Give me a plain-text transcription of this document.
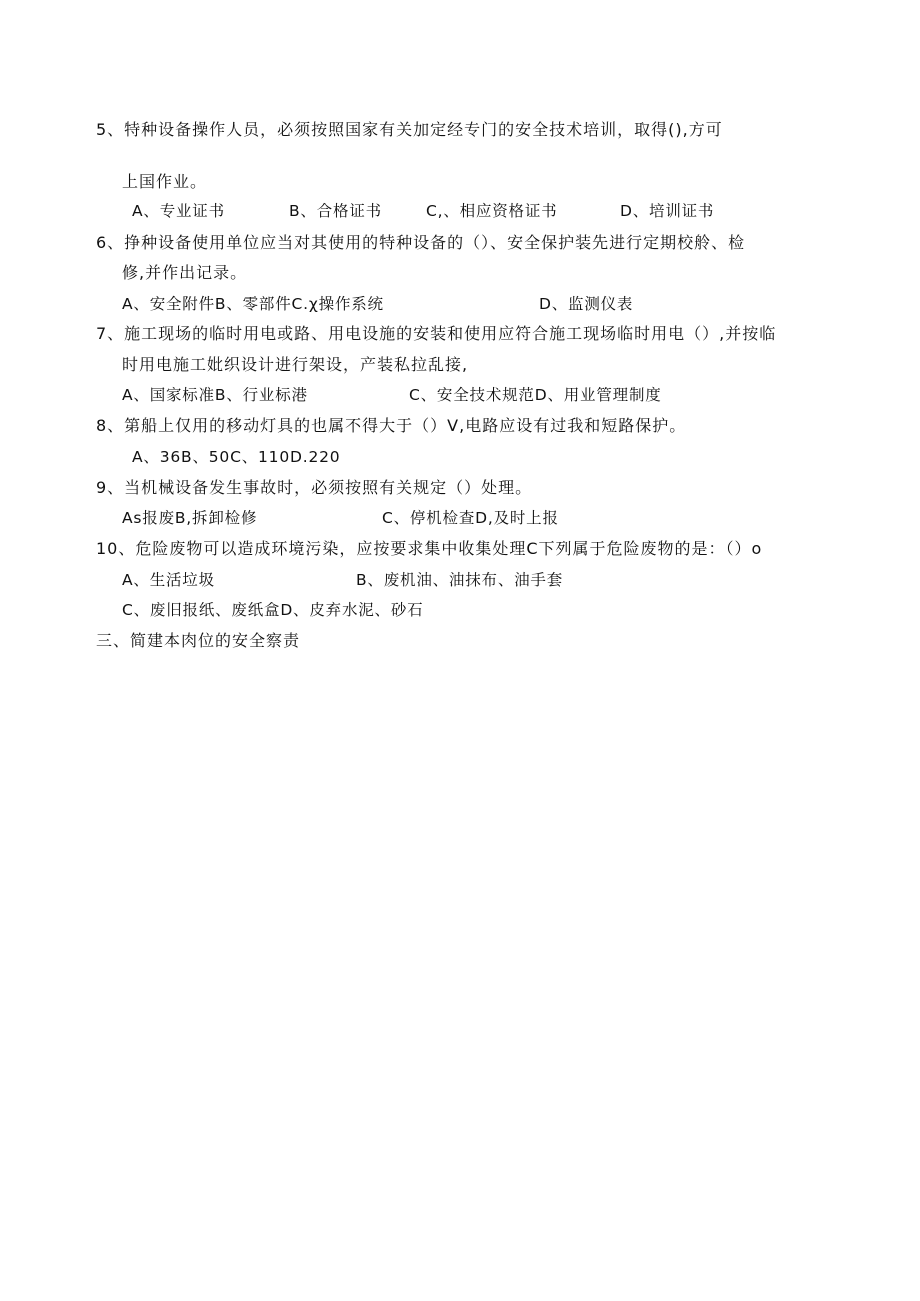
5、特种设备操作人员，必须按照国家有关加定经专门的安全技术培训，取得(),方可
上国作业。
A、专业证书	B、合格证书	C,、相应资格证书	D、培训证书
6、挣种设备使用单位应当对其使用的特种设备的（）、安全保护装先进行定期校舲、检
修,并作出记录。
A、安全附件B、零部件C.χ操作系统	D、监测仪表
7、施工现场的临时用电或路、用电设施的安装和使用应符合施工现场临时用电（）,并按临
时用电施工妣织设计进行架设，产装私拉乱接,
A、国家标准B、行业标港	C、安全技术规范D、用业管理制度
8、第船上仅用的移动灯具的也属不得大于（）V,电路应设有过我和短路保护。
A、36B、50C、110D.220
9、当机械设备发生事故时，必须按照有关规定（）处理。
As报废B,拆卸检修	C、停机检查D,及时上报
10、危险废物可以造成环境污染，应按要求集中收集处理C下列属于危险废物的是：（）o
A、生活垃圾	B、废机油、油抹布、油手套
C、废旧报纸、废纸盒D、皮弃水泥、砂石
三、简建本肉位的安全察责
